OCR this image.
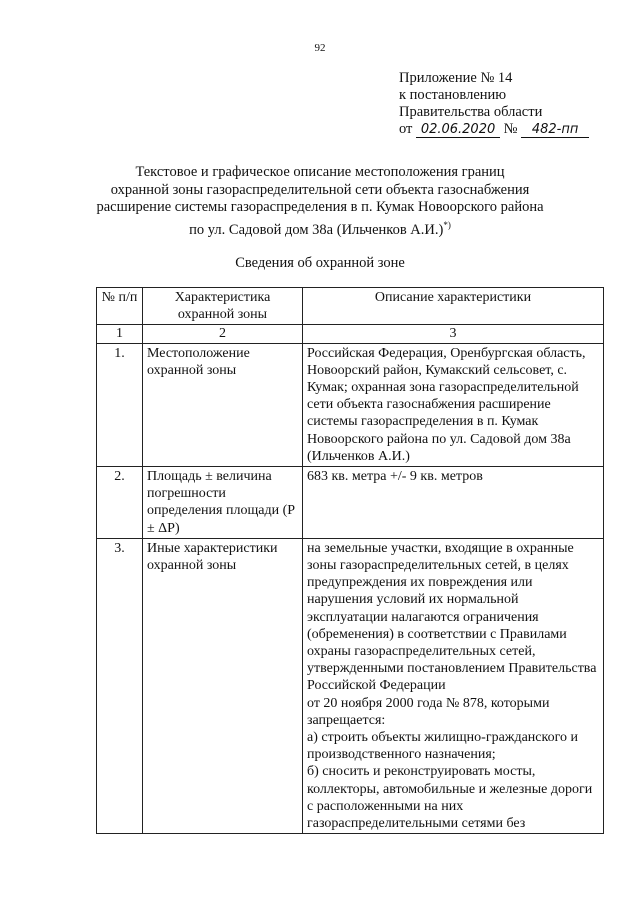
92
Приложение № 14
к постановлению
Правительства области
от 02.06.2020 № 482-пп
Текстовое и графическое описание местоположения границ
охранной зоны газораспределительной сети объекта газоснабжения
расширение системы газораспределения в п. Кумак Новоорского района
по ул. Садовой дом 38а (Ильченков А.И.)*)
Сведения об охранной зоне
№ п/п	Характеристика охранной зоны	Описание характеристики
1	2	3
1.	Местоположение охранной зоны	Российская Федерация, Оренбургская область, Новоорский район, Кумакский сельсовет, с. Кумак; охранная зона газораспределительной сети объекта газоснабжения расширение системы газораспределения в п. Кумак Новоорского района по ул. Садовой дом 38а (Ильченков А.И.)
2.	Площадь ± величина погрешности определения площади (Р ± ΔР)	683 кв. метра +/- 9 кв. метров
3.	Иные характеристики охранной зоны	на земельные участки, входящие в охранные зоны газораспределительных сетей, в целях предупреждения их повреждения или нарушения условий их нормальной эксплуатации налагаются ограничения (обременения) в соответствии с Правилами охраны газораспределительных сетей, утвержденными постановлением Правительства Российской Федерации
от 20 ноября 2000 года № 878, которыми запрещается:
а) строить объекты жилищно-гражданского и производственного назначения;
б) сносить и реконструировать мосты, коллекторы, автомобильные и железные дороги с расположенными на них газораспределительными сетями без
